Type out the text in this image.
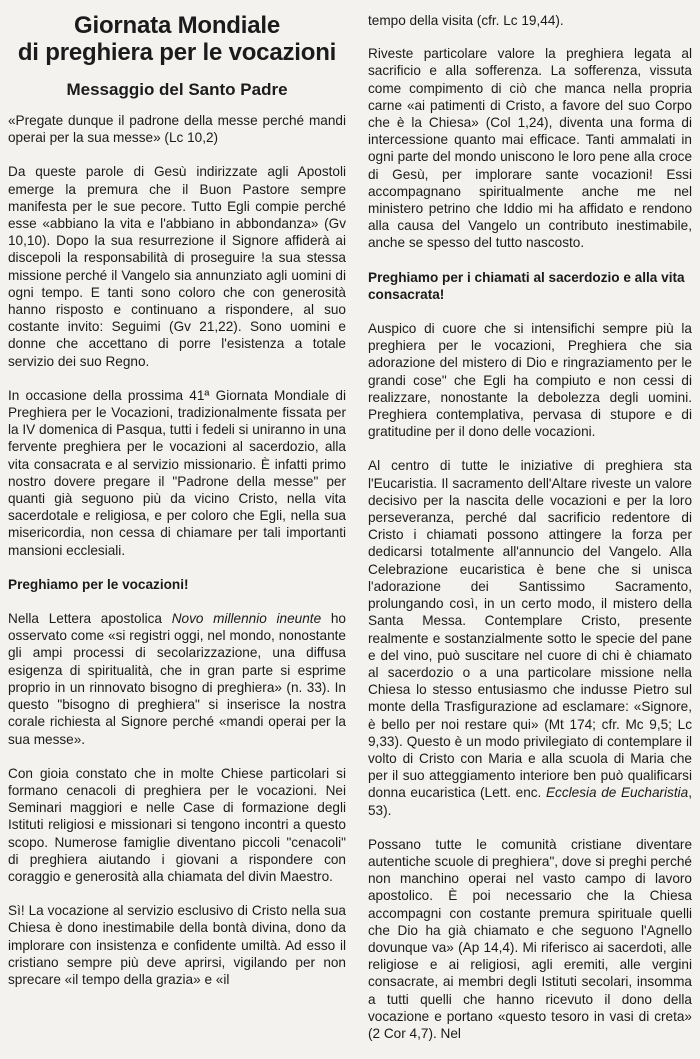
Giornata Mondiale
di preghiera per le vocazioni
Messaggio del Santo Padre

«Pregate dunque il padrone della messe perché mandi operai per la sua messe» (Lc 10,2)

Da queste parole di Gesù indirizzate agli Apostoli emerge la premura che il Buon Pastore sempre manifesta per le sue pecore. Tutto Egli compie perché esse «abbiano la vita e l'abbiano in abbondanza» (Gv 10,10). Dopo la sua resurrezione il Signore affiderà ai discepoli la responsabilità di proseguire !a sua stessa missione perché il Vangelo sia annunziato agli uomini di ogni tempo. E tanti sono coloro che con generosità hanno risposto e continuano a rispondere, al suo costante invito: Seguimi (Gv 21,22). Sono uomini e donne che accettano di porre l'esistenza a totale servizio dei suo Regno.

In occasione della prossima 41ª Giornata Mondiale di Preghiera per le Vocazioni, tradizionalmente fissata per la IV domenica di Pasqua, tutti i fedeli si uniranno in una fervente preghiera per le vocazioni al sacerdozio, alla vita consacrata e al servizio missionario. È infatti primo nostro dovere pregare il "Padrone della messe" per quanti già seguono più da vicino Cristo, nella vita sacerdotale e religiosa, e per coloro che Egli, nella sua misericordia, non cessa di chiamare per tali importanti mansioni ecclesiali.

Preghiamo per le vocazioni!

Nella Lettera apostolica Novo millennio ineunte ho osservato come «si registri oggi, nel mondo, nonostante gli ampi processi di secolarizzazione, una diffusa esigenza di spiritualità, che in gran parte si esprime proprio in un rinnovato bisogno di preghiera» (n. 33). In questo "bisogno di preghiera" si inserisce la nostra corale richiesta al Signore perché «mandi operai per la sua messe».

Con gioia constato che in molte Chiese particolari si formano cenacoli di preghiera per le vocazioni. Nei Seminari maggiori e nelle Case di formazione degli Istituti religiosi e missionari si tengono incontri a questo scopo. Numerose famiglie diventano piccoli "cenacoli" di preghiera aiutando i giovani a rispondere con coraggio e generosità alla chiamata del divin Maestro.

Sì! La vocazione al servizio esclusivo di Cristo nella sua Chiesa è dono inestimabile della bontà divina, dono da implorare con insistenza e confidente umiltà. Ad esso il cristiano sempre più deve aprirsi, vigilando per non sprecare «il tempo della grazia» e «il

tempo della visita (cfr. Lc 19,44).

Riveste particolare valore la preghiera legata al sacrificio e alla sofferenza. La sofferenza, vissuta come compimento di ciò che manca nella propria carne «ai patimenti di Cristo, a favore del suo Corpo che è la Chiesa» (Col 1,24), diventa una forma di intercessione quanto mai efficace. Tanti ammalati in ogni parte del mondo uniscono le loro pene alla croce di Gesù, per implorare sante vocazioni! Essi accompagnano spiritualmente anche me nel ministero petrino che Iddio mi ha affidato e rendono alla causa del Vangelo un contributo inestimabile, anche se spesso del tutto nascosto.

Preghiamo per i chiamati al sacerdozio e alla vita consacrata!

Auspico di cuore che si intensifichi sempre più la preghiera per le vocazioni, Preghiera che sia adorazione del mistero di Dio e ringraziamento per le grandi cose" che Egli ha compiuto e non cessi di realizzare, nonostante la debolezza degli uomini. Preghiera contemplativa, pervasa di stupore e di gratitudine per il dono delle vocazioni.

Al centro di tutte le iniziative di preghiera sta l'Eucaristia. Il sacramento dell'Altare riveste un valore decisivo per la nascita delle vocazioni e per la loro perseveranza, perché dal sacrificio redentore di Cristo i chiamati possono attingere la forza per dedicarsi totalmente all'annuncio del Vangelo. Alla Celebrazione eucaristica è bene che si unisca l'adorazione dei Santissimo Sacramento, prolungando così, in un certo modo, il mistero della Santa Messa. Contemplare Cristo, presente realmente e sostanzialmente sotto le specie del pane e del vino, può suscitare nel cuore di chi è chiamato al sacerdozio o a una particolare missione nella Chiesa lo stesso entusiasmo che indusse Pietro sul monte della Trasfigurazione ad esclamare: «Signore, è bello per noi restare qui» (Mt 174; cfr. Mc 9,5; Lc 9,33). Questo è un modo privilegiato di contemplare il volto di Cristo con Maria e alla scuola di Maria che per il suo atteggiamento interiore ben può qualificarsi donna eucaristica (Lett. enc. Ecclesia de Eucharistia, 53).

Possano tutte le comunità cristiane diventare autentiche scuole di preghiera", dove si preghi perché non manchino operai nel vasto campo di lavoro apostolico. È poi necessario che la Chiesa accompagni con costante premura spirituale quelli che Dio ha già chiamato e che seguono l'Agnello dovunque va» (Ap 14,4). Mi riferisco ai sacerdoti, alle religiose e ai religiosi, agli eremiti, alle vergini consacrate, ai membri degli Istituti secolari, insomma a tutti quelli che hanno ricevuto il dono della vocazione e portano «questo tesoro in vasi di creta» (2 Cor 4,7). Nel
